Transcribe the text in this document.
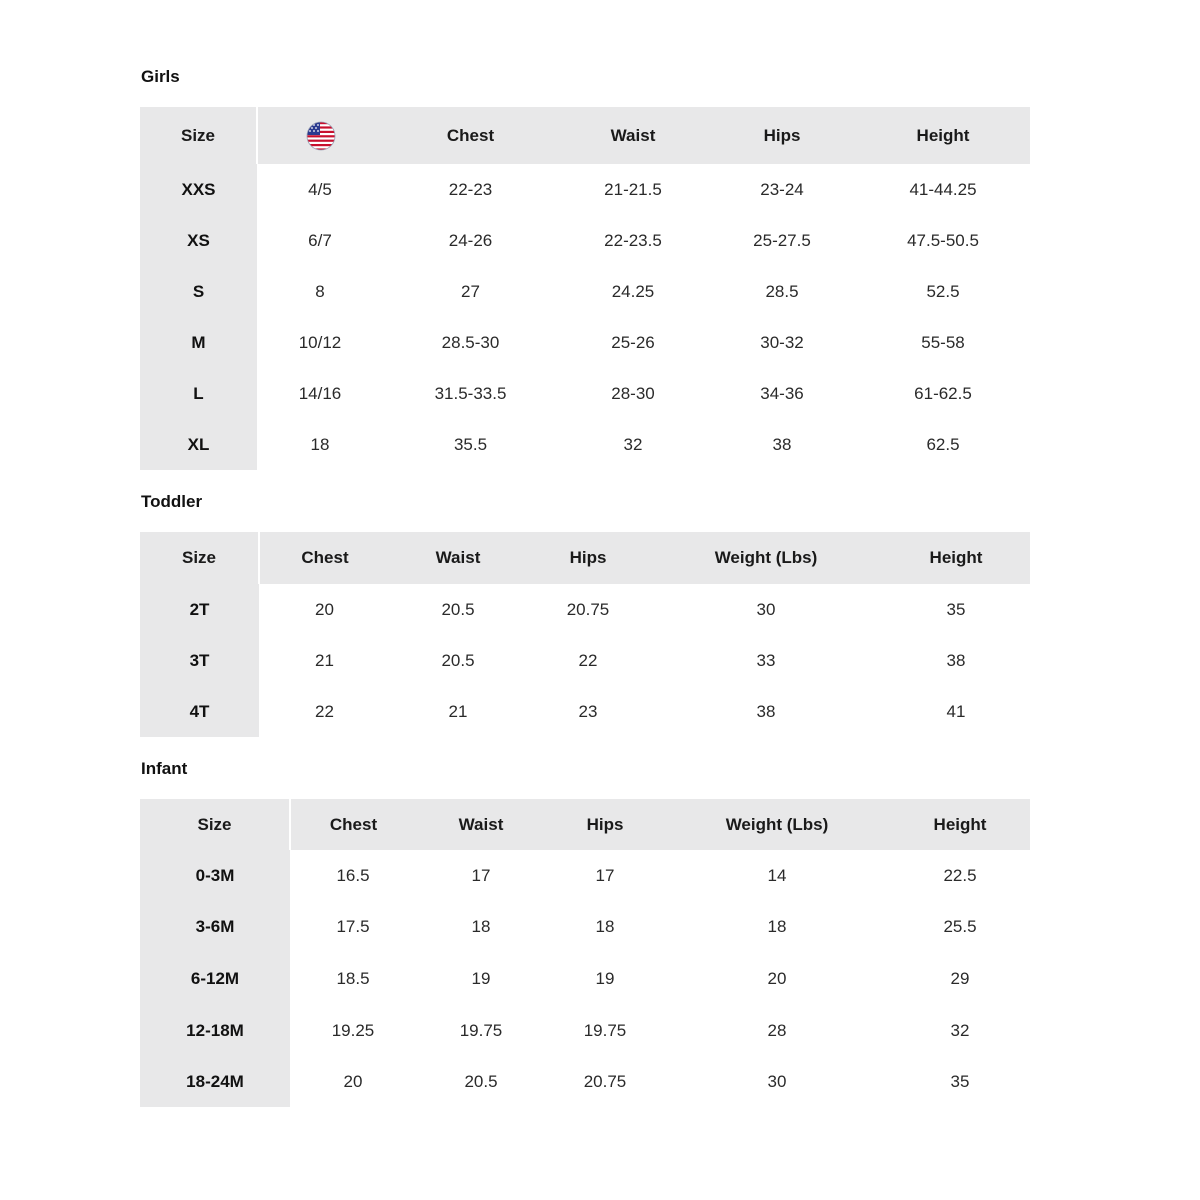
Girls
Size		Chest	Waist	Hips	Height
XXS	4/5	22-23	21-21.5	23-24	41-44.25
XS	6/7	24-26	22-23.5	25-27.5	47.5-50.5
S	8	27	24.25	28.5	52.5
M	10/12	28.5-30	25-26	30-32	55-58
L	14/16	31.5-33.5	28-30	34-36	61-62.5
XL	18	35.5	32	38	62.5
Toddler
Size	Chest	Waist	Hips	Weight (Lbs)	Height
2T	20	20.5	20.75	30	35
3T	21	20.5	22	33	38
4T	22	21	23	38	41
Infant
Size	Chest	Waist	Hips	Weight (Lbs)	Height
0-3M	16.5	17	17	14	22.5
3-6M	17.5	18	18	18	25.5
6-12M	18.5	19	19	20	29
12-18M	19.25	19.75	19.75	28	32
18-24M	20	20.5	20.75	30	35
